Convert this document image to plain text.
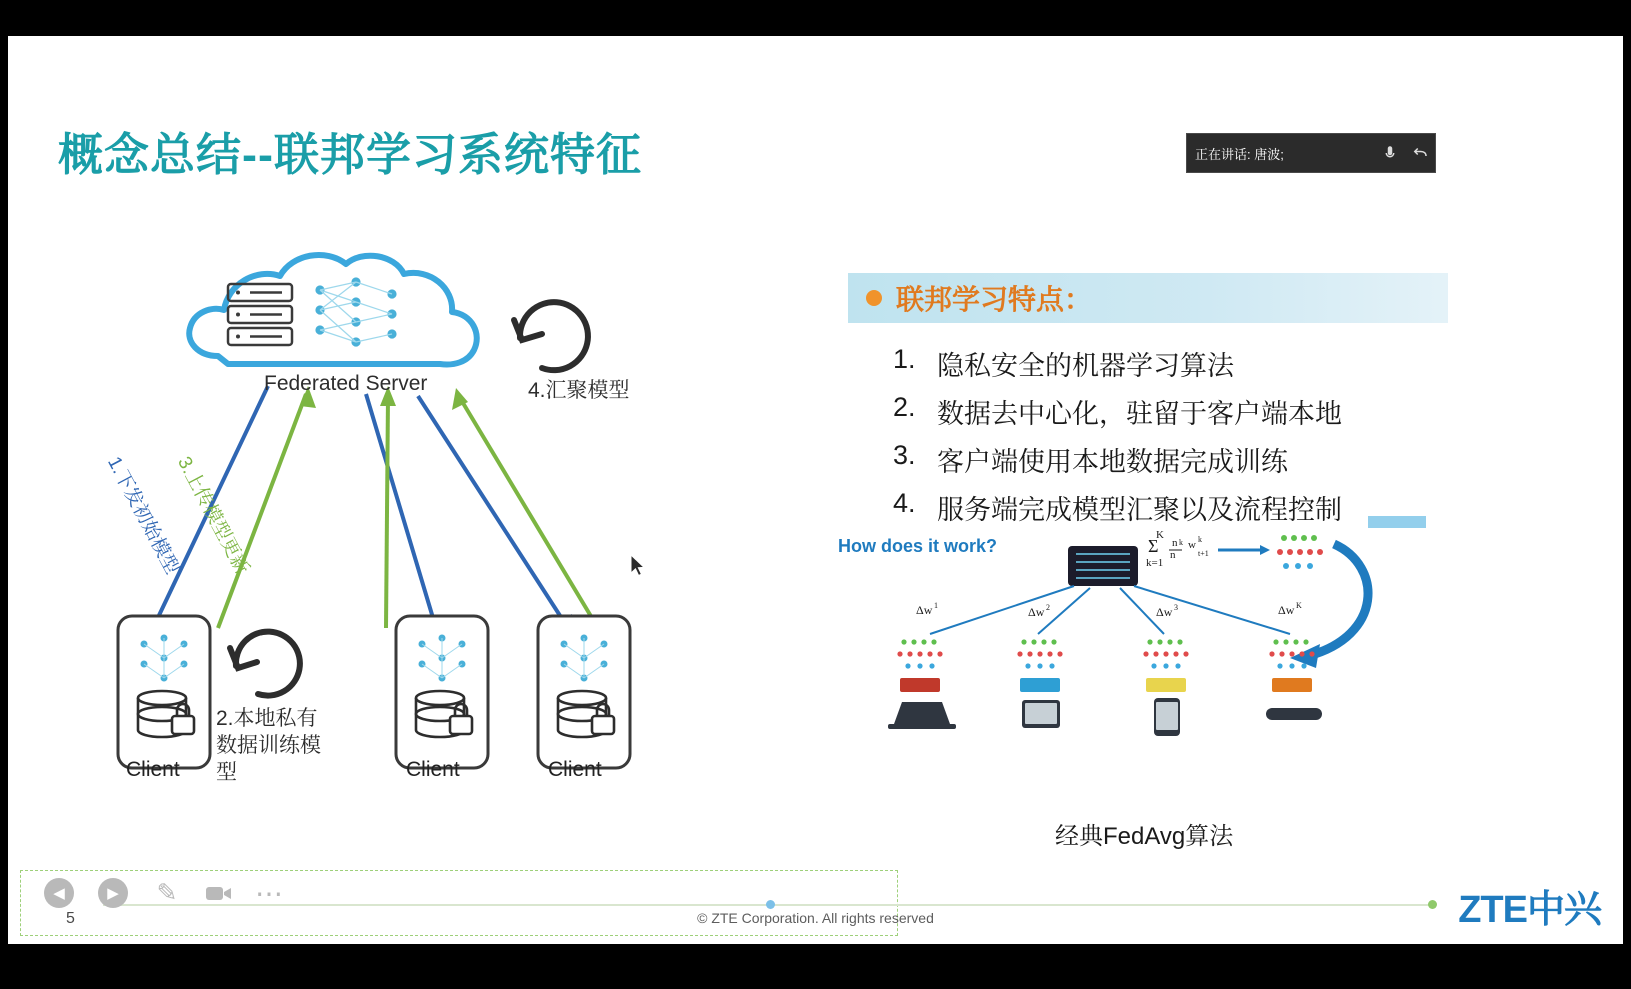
概念总结--联邦学习系统特征	正在讲话: 唐波;
Federated Server	4.汇聚模型
1.下发初始模型
3.上传模型更新
2.本地私有数据训练模型
Client	Client	Client
联邦学习特点：
1. 隐私安全的机器学习算法
2. 数据去中心化，驻留于客户端本地
3. 客户端使用本地数据完成训练
4. 服务端完成模型汇聚以及流程控制
How does it work?
K
Σ
k=1
n
n
k w k
t+1
Δw 1	Δw 2	Δw 3	Δw K
经典FedAvg算法
◀	▶	✎	⋯
5	© ZTE Corporation. All rights reserved	ZTE中兴
